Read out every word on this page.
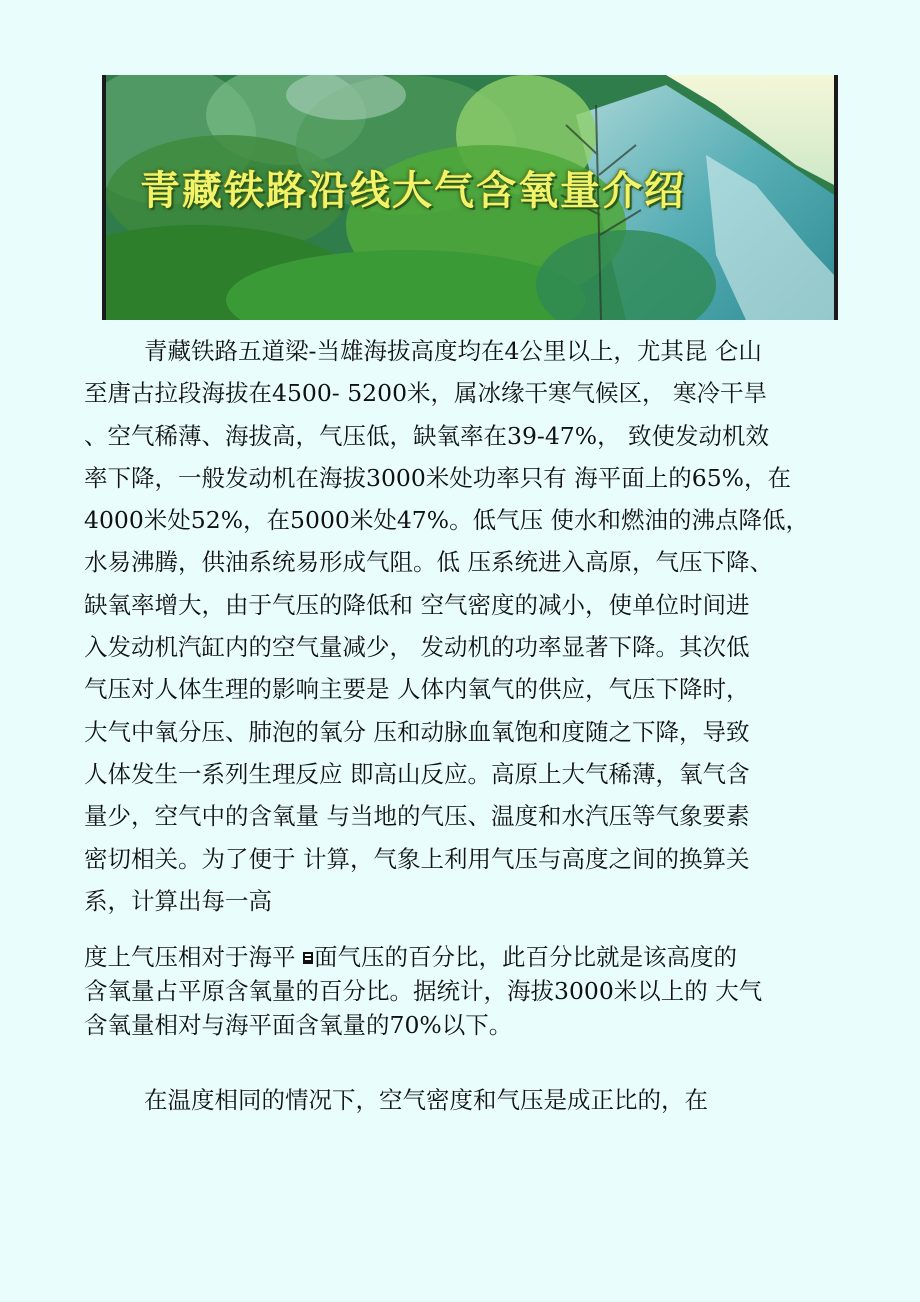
青藏铁路沿线大气含氧量介绍
青藏铁路五道梁-当雄海拔高度均在4公里以上，尤其昆 仑山
至唐古拉段海拔在4500- 5200米，属冰缘干寒气候区， 寒冷干旱
、空气稀薄、海拔高，气压低，缺氧率在39-47%， 致使发动机效
率下降，一般发动机在海拔3000米处功率只有 海平面上的65%，在
4000米处52%，在5000米处47%。低气压 使水和燃油的沸点降低，
水易沸腾，供油系统易形成气阻。低 压系统进入高原，气压下降、
缺氧率增大，由于气压的降低和 空气密度的减小，使单位时间进
入发动机汽缸内的空气量减少， 发动机的功率显著下降。其次低
气压对人体生理的影响主要是 人体内氧气的供应，气压下降时，
大气中氧分压、肺泡的氧分 压和动脉血氧饱和度随之下降，导致
人体发生一系列生理反应 即高山反应。高原上大气稀薄，氧气含
量少，空气中的含氧量 与当地的气压、温度和水汽压等气象要素
密切相关。为了便于 计算，气象上利用气压与高度之间的换算关
系，计算出每一高
度上气压相对于海平 面气压的百分比，此百分比就是该高度的
含氧量占平原含氧量的百分比。据统计，海拔3000米以上的 大气
含氧量相对与海平面含氧量的70%以下。
在温度相同的情况下，空气密度和气压是成正比的，在
